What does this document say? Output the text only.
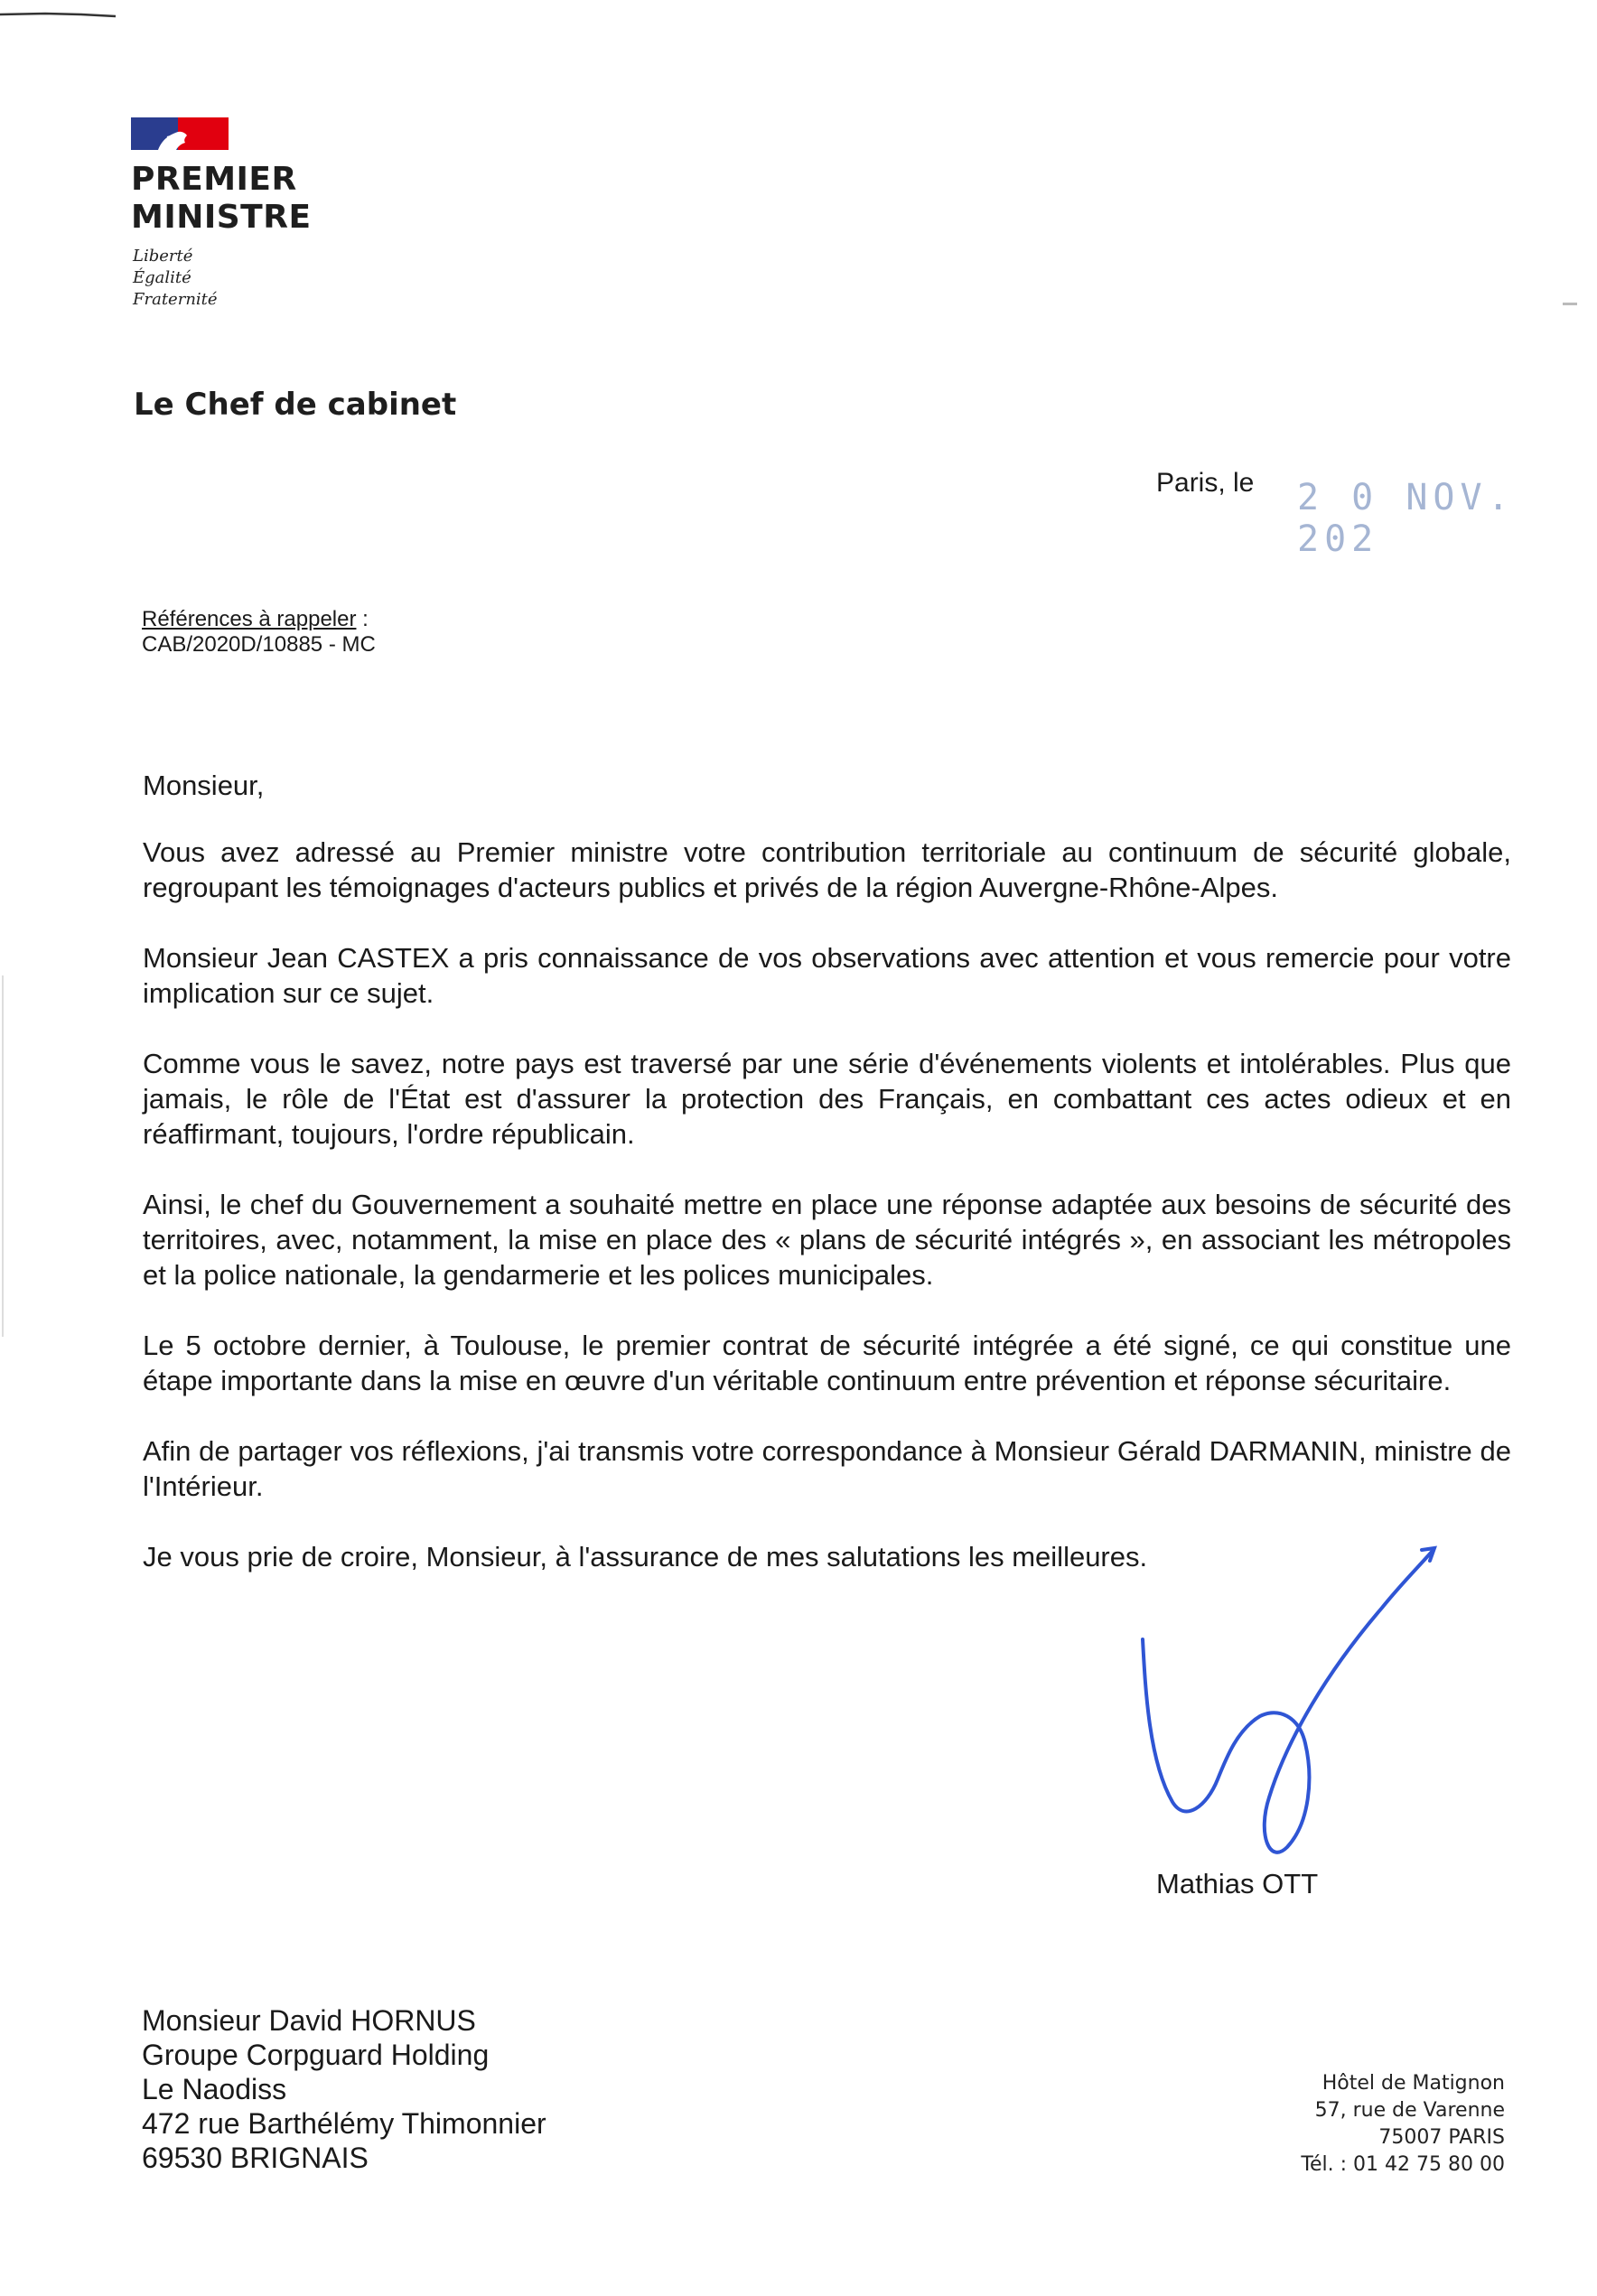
PREMIER
MINISTRE
Liberté
Égalité
Fraternité
Le Chef de cabinet
Paris, le 2 0 NOV. 202
Références à rappeler :
CAB/2020D/10885 - MC

Monsieur,

Vous avez adressé au Premier ministre votre contribution territoriale au continuum de sécurité globale, regroupant les témoignages d'acteurs publics et privés de la région Auvergne-Rhône-Alpes.

Monsieur Jean CASTEX a pris connaissance de vos observations avec attention et vous remercie pour votre implication sur ce sujet.

Comme vous le savez, notre pays est traversé par une série d'événements violents et intolérables. Plus que jamais, le rôle de l'État est d'assurer la protection des Français, en combattant ces actes odieux et en réaffirmant, toujours, l'ordre républicain.

Ainsi, le chef du Gouvernement a souhaité mettre en place une réponse adaptée aux besoins de sécurité des territoires, avec, notamment, la mise en place des « plans de sécurité intégrés », en associant les métropoles et la police nationale, la gendarmerie et les polices municipales.

Le 5 octobre dernier, à Toulouse, le premier contrat de sécurité intégrée a été signé, ce qui constitue une étape importante dans la mise en œuvre d'un véritable continuum entre prévention et réponse sécuritaire.

Afin de partager vos réflexions, j'ai transmis votre correspondance à Monsieur Gérald DARMANIN, ministre de l'Intérieur.

Je vous prie de croire, Monsieur, à l'assurance de mes salutations les meilleures.

Mathias OTT
Monsieur David HORNUS
Groupe Corpguard Holding
Le Naodiss
472 rue Barthélémy Thimonnier
69530 BRIGNAIS
Hôtel de Matignon
57, rue de Varenne
75007 PARIS
Tél. : 01 42 75 80 00
